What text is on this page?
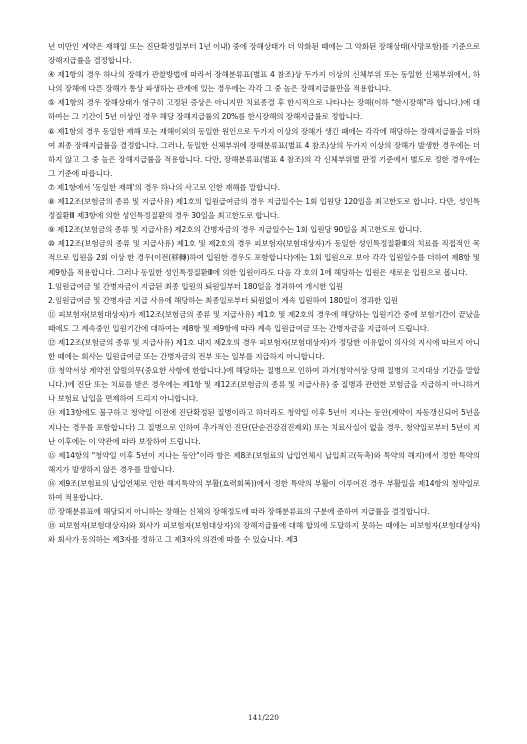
년 미만인 계약은 재해일 또는 진단확정일부터 1년 이내) 중에 장해상태가 더 악화된 때에는 그 악화된 장해상태(사망포함)를 기준으로 장해지급률을 결정합니다.

④ 제1항의 경우 하나의 장해가 관찰방법에 따라서 장해분류표(별표 4 참조)상 두가지 이상의 신체부위 또는 동일한 신체부위에서, 하나의 장해에 다른 장해가 통상 파생하는 관계에 있는 경우에는 각각 그 중 높은 장해지급률만을 적용합니다.

⑤ 제1항의 경우 장해상태가 영구히 고정된 증상은 아니지만 치료종결 후 한시적으로 나타나는 장해(이하 "한시장해"라 합니다.)에 대하여는 그 기간이 5년 이상인 경우 해당 장해지급률의 20%를 한시장해의 장해지급률로 정합니다.

⑥ 제1항의 경우 동일한 재해 또는 재해이외의 동일한 원인으로 두가지 이상의 장해가 생긴 때에는 각각에 해당하는 장해지급률을 더하여 최종 장해지급률을 결정합니다. 그러나, 동일한 신체부위에 장해분류표(별표 4 참조)상의 두가지 이상의 장해가 발생한 경우에는 더하지 않고 그 중 높은 장해지급률을 적용합니다. 다만, 장해분류표(별표 4 참조)의 각 신체부위별 판정 기준에서 별도로 정한 경우에는 그 기준에 따릅니다.

⑦ 제1항에서 '동일한 재해'의 경우 하나의 사고로 인한 재해를 말합니다.

⑧ 제12조(보험금의 종류 및 지급사유) 제1호의 입원급여금의 경우 지급일수는 1회 입원당 120일을 최고한도로 합니다. 다만, 성인특정질환Ⅲ 제3항에 의한 성인특정질환의 경우 30일을 최고한도로 합니다.

⑨ 제12조(보험금의 종류 및 지급사유) 제2호의 간병자금의 경우 지급일수는 1회 입원당 90일을 최고한도로 합니다.

⑩ 제12조(보험금의 종류 및 지급사유) 제1호 및 제2호의 경우 피보험자(보험대상자)가 동일한 성인특정질환Ⅲ의 치료를 직접적인 목적으로 입원을 2회 이상 한 경우(이전(移轉)하여 입원한 경우도 포함합니다)에는 1회 입원으로 보아 각각 입원일수를 더하여 제8항 및 제9항을 적용합니다. 그러나 동일한 성인특정질환Ⅲ에 의한 입원이라도 다음 각 호의 1에 해당하는 입원은 새로운 입원으로 봅니다.

1.임원급여금 및 간병자금이 지급된 최종 입원의 퇴원일부터 180일을 경과하여 개시한 입원

2.임원급여금 및 간병자금 지급 사유에 해당하는 최종일로부터 퇴원없이 계속 입원하여 180일이 경과한 입원

⑪ 피보험자(보험대상자)가 제12조(보험금의 종류 및 지급사유) 제1호 및 제2호의 경우에 해당하는 입원기간 중에 보험기간이 끝났을 때에도 그 계속중인 입원기간에 대하여는 제8항 및 제9항에 따라 계속 입원급여금 또는 간병자금을 지급하여 드립니다.

⑫ 제12조(보험금의 종류 및 지급사유) 제1호 내지 제2호의 경우 피보험자(보험대상자)가 정당한 이유없이 의사의 지시에 따르지 아니한 때에는 회사는 입원급여금 또는 간병자금의 전부 또는 일부를 지급하지 아니합니다.

⑬ 청약서상 계약전 알릴의무(중요한 사항에 한합니다.)에 해당하는 질병으로 인하여 과거(청약서상 당해 질병의 고지대상 기간을 말합니다.)에 진단 또는 치료를 받은 경우에는 제1항 및 제12조(보험금의 종류 및 지급사유) 중 질병과 관련한 보험금을 지급하지 아니하거나 보험료 납입을 면제하여 드리지 아니합니다.

⑭ 제13항에도 불구하고 청약일 이전에 진단확정된 질병이라고 하더라도 청약일 이후 5년이 지나는 동안(계약이 자동갱신되어 5년을 지나는 경우를 포함합니다) 그 질병으로 인하여 추가적인 진단(단순건강검진제외) 또는 치료사실이 없을 경우, 청약일로부터 5년이 지난 이후에는 이 약관에 따라 보장하여 드립니다.

⑮ 제14항의 "청약일 이후 5년이 지나는 동안"이라 함은 제8조(보험료의 납입연체시 납입최고(독촉)와 특약의 해지)에서 정한 특약의 해지가 발생하지 않은 경우를 말합니다.

⑯ 제9조(보험료의 납입연체로 인한 해지특약의 부활(효력회복))에서 정한 특약의 부활이 이루어진 경우 부활일을 제14항의 청약일로 하여 적용합니다.

⑰ 장해분류표에 해당되지 아니하는 장해는 신체의 장해정도에 따라 장해분류표의 구분에 준하여 지급률을 결정합니다.

⑱ 피보험자(보험대상자)와 회사가 피보험자(보험대상자)의 장해지급률에 대해 합의에 도달하지 못하는 때에는 피보험자(보험대상자)와 회사가 동의하는 제3자를 정하고 그 제3자의 의견에 따를 수 있습니다. 제3

141/220
